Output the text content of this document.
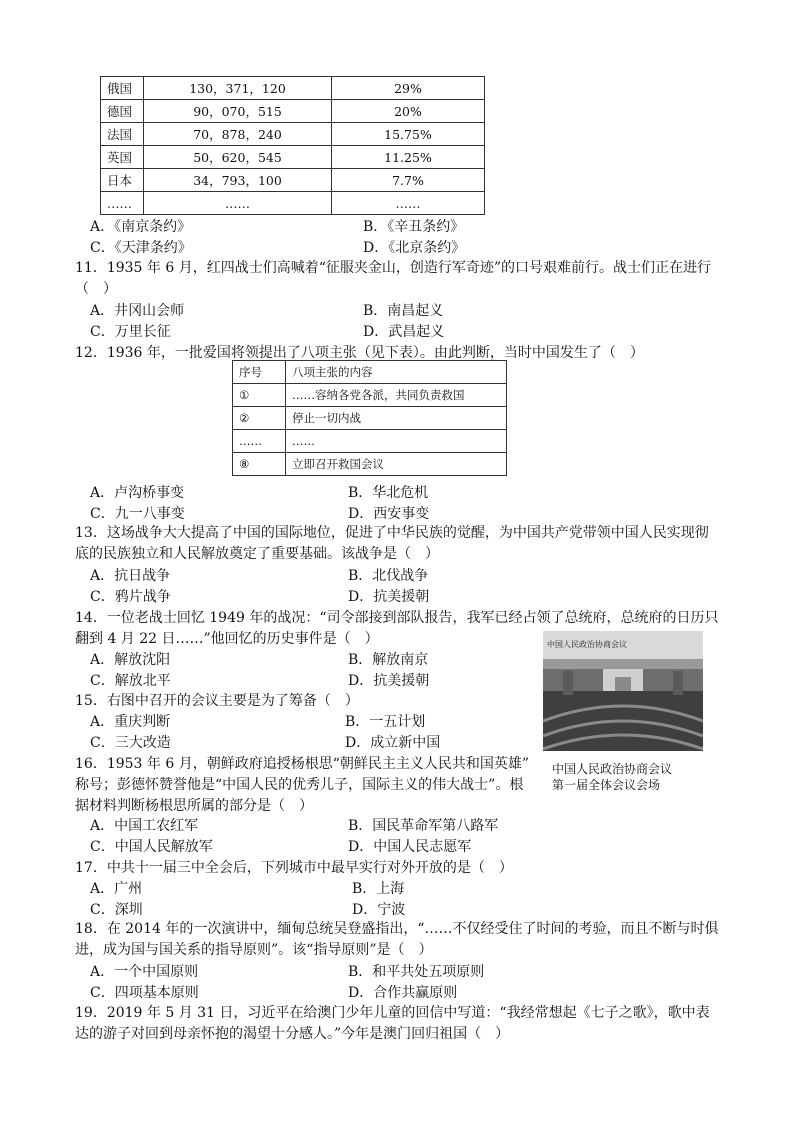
俄国	130，371，120	29%
德国	90，070，515	20%
法国	70，878，240	15.75%
英国	50，620，545	11.25%
日本	34，793，100	7.7%
……	……	……
A．《南京条约》	B．《辛丑条约》
C．《天津条约》	D．《北京条约》
11．1935 年 6 月，红四战士们高喊着“征服夹金山，创造行军奇迹”的口号艰难前行。战士们正在进行（　）
A．井冈山会师	B．南昌起义
C．万里长征	D．武昌起义
12．1936 年，一批爱国将领提出了八项主张（见下表）。由此判断，当时中国发生了（　）
序号	八项主张的内容
①	……容纳各党各派，共同负责救国
②	停止一切内战
……	……
⑧	立即召开救国会议
A．卢沟桥事变	B．华北危机
C．九一八事变	D．西安事变
13．这场战争大大提高了中国的国际地位，促进了中华民族的觉醒，为中国共产党带领中国人民实现彻底的民族独立和人民解放奠定了重要基础。该战争是（　）
A．抗日战争	B．北伐战争
C．鸦片战争	D．抗美援朝
14．一位老战士回忆 1949 年的战况：“司令部接到部队报告，我军已经占领了总统府，总统府的日历只
翻到 4 月 22 日……”他回忆的历史事件是（　）
A．解放沈阳	B．解放南京
C．解放北平	D．抗美援朝
中国人民政治协商会议
中国人民政治协商会议
第一届全体会议会场
15．右图中召开的会议主要是为了筹备（　）
A．重庆判断	B．一五计划
C．三大改造	D．成立新中国
16．1953 年 6 月，朝鲜政府追授杨根思“朝鲜民主主义人民共和国英雄”
称号；彭德怀赞誉他是“中国人民的优秀儿子，国际主义的伟大战士”。根
据材料判断杨根思所属的部分是（　）
A．中国工农红军	B．国民革命军第八路军
C．中国人民解放军	D．中国人民志愿军
17．中共十一届三中全会后，下列城市中最早实行对外开放的是（　）
A．广州	B．上海
C．深圳	D．宁波
18．在 2014 年的一次演讲中，缅甸总统吴登盛指出，“……不仅经受住了时间的考验，而且不断与时俱进，成为国与国关系的指导原则”。该“指导原则”是（　）
A．一个中国原则	B．和平共处五项原则
C．四项基本原则	D．合作共赢原则
19．2019 年 5 月 31 日，习近平在给澳门少年儿童的回信中写道：“我经常想起《七子之歌》，歌中表达的游子对回到母亲怀抱的渴望十分感人。”今年是澳门回归祖国（　）
